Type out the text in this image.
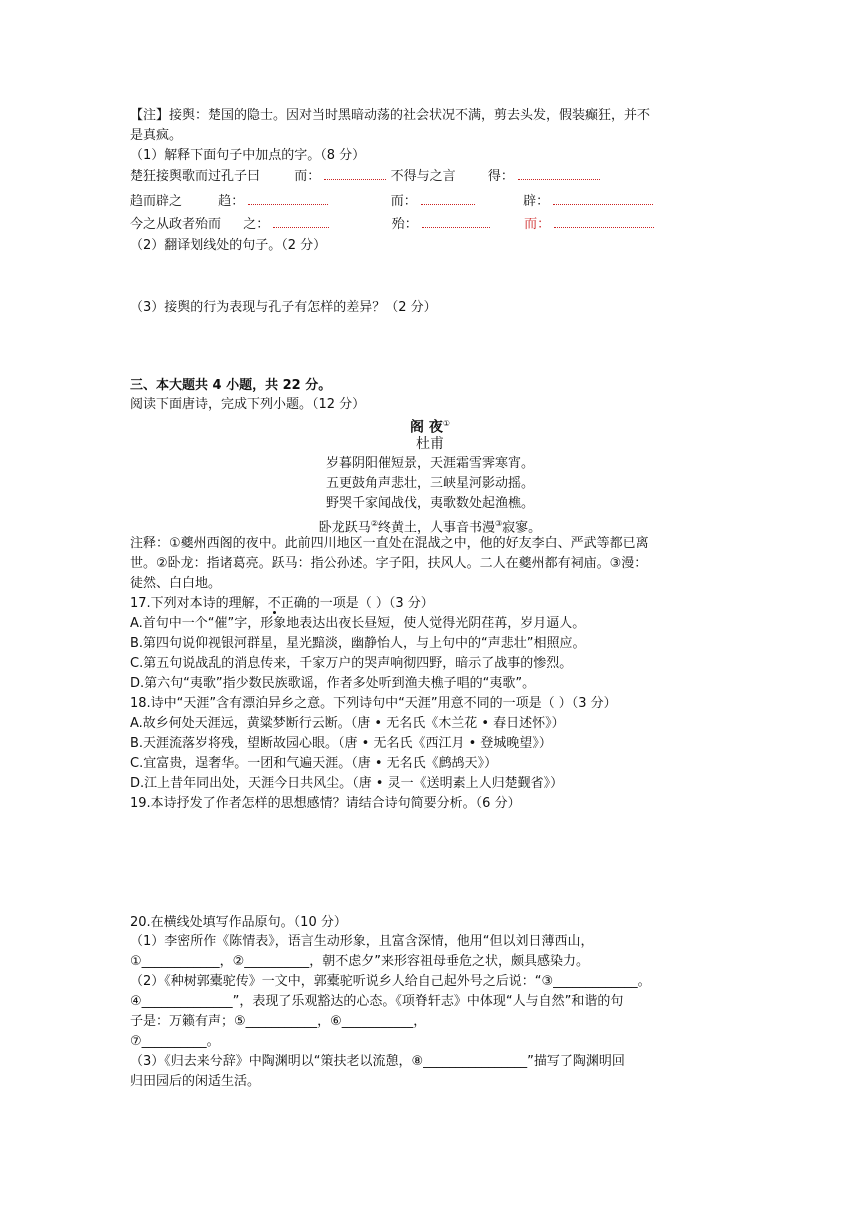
【注】接舆：楚国的隐士。因对当时黑暗动荡的社会状况不满，剪去头发，假装癫狂，并不
是真疯。
（1）解释下面句子中加点的字。（8 分）
楚狂接舆歌而过孔子曰	而：	不得与之言 得：
趋而辟之	趋：	而：	辟：
今之从政者殆而 之：	殆：	而：
（2）翻译划线处的句子。（2 分）
（3）接舆的行为表现与孔子有怎样的差异？（2 分）
三、本大题共 4 小题，共 22 分。
阅读下面唐诗，完成下列小题。（12 分）
阁 夜①
杜甫
岁暮阴阳催短景，天涯霜雪霁寒宵。
五更鼓角声悲壮，三峡星河影动摇。
野哭千家闻战伐，夷歌数处起渔樵。
卧龙跃马②终黄土，人事音书漫③寂寥。
注释：①夔州西阁的夜中。此前四川地区一直处在混战之中，他的好友李白、严武等都已离
世。②卧龙：指诸葛亮。跃马：指公孙述。字子阳，扶风人。二人在夔州都有祠庙。③漫：
徒然、白白地。
17.下列对本诗的理解，不正确的一项是（ ）（3 分）
A.首句中一个“催”字，形象地表达出夜长昼短，使人觉得光阴荏苒，岁月逼人。
B.第四句说仰视银河群星，星光黯淡，幽静怡人，与上句中的“声悲壮”相照应。
C.第五句说战乱的消息传来，千家万户的哭声响彻四野，暗示了战事的惨烈。
D.第六句“夷歌”指少数民族歌谣，作者多处听到渔夫樵子唱的“夷歌”。
18.诗中“天涯”含有漂泊异乡之意。下列诗句中“天涯”用意不同的一项是（ ）（3 分）
A.故乡何处天涯远，黄粱梦断行云断。（唐 • 无名氏《木兰花 • 春日述怀》）
B.天涯流落岁将残，望断故园心眼。（唐 • 无名氏《西江月 • 登城晚望》）
C.宜富贵，逞奢华。一团和气遍天涯。（唐 • 无名氏《鹧鸪天》）
D.江上昔年同出处，天涯今日共风尘。（唐 • 灵一《送明素上人归楚觐省》）
19.本诗抒发了作者怎样的思想感情？请结合诗句简要分析。（6 分）
20.在横线处填写作品原句。（10 分）
（1）李密所作《陈情表》，语言生动形象，且富含深情，他用“但以刘日薄西山，
①____________，②__________，朝不虑夕”来形容祖母垂危之状，颇具感染力。
（2）《种树郭橐驼传》一文中，郭橐驼听说乡人给自己起外号之后说：“③_____________。
④______________”，表现了乐观豁达的心态。《项脊轩志》中体现“人与自然”和谐的句
子是：万籁有声；⑤___________，⑥___________，
⑦__________。
（3）《归去来兮辞》中陶渊明以“策扶老以流憩，⑧________________”描写了陶渊明回
归田园后的闲适生活。
